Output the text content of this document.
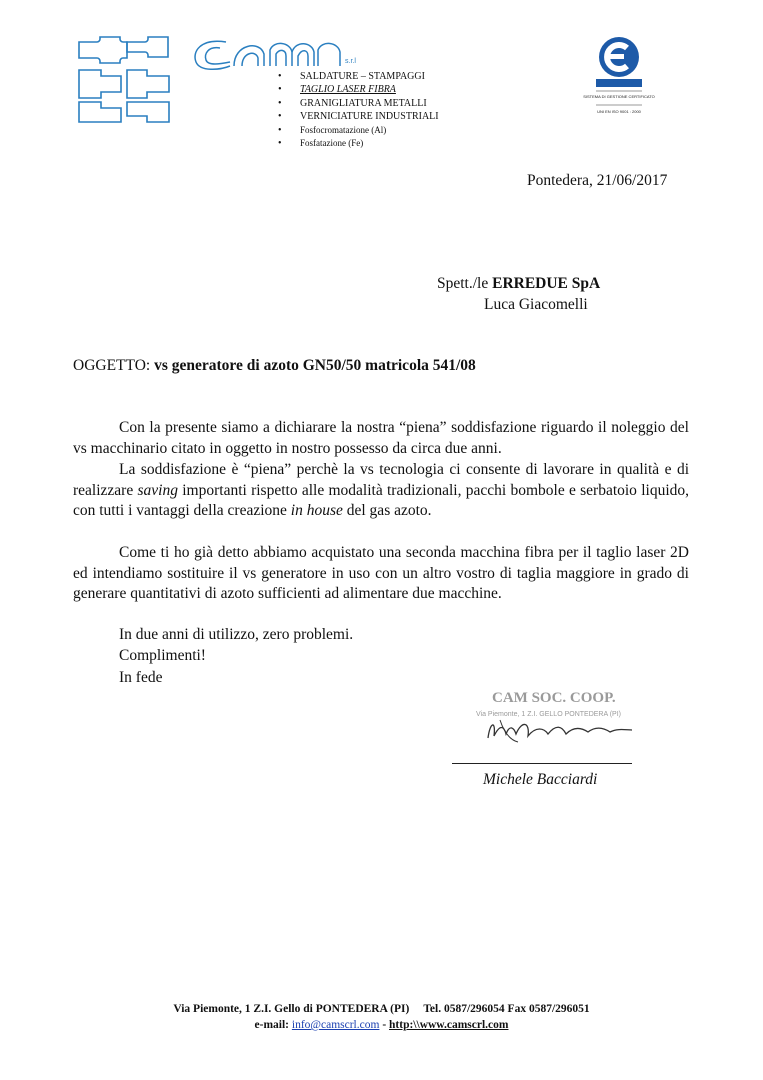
s.r.l
• SALDATURE – STAMPAGGI
• TAGLIO LASER FIBRA
• GRANIGLIATURA METALLI
• VERNICIATURE INDUSTRIALI
• Fosfocromatazione (Al)
• Fosfatazione (Fe)
CERMET
SISTEMA DI GESTIONE CERTIFICATO
UNI EN ISO 9001 : 2000
Pontedera, 21/06/2017
Spett./le ERREDUE SpA
Luca Giacomelli
OGGETTO: vs generatore di azoto GN50/50 matricola 541/08
Con la presente siamo a dichiarare la nostra “piena” soddisfazione riguardo il noleggio del vs macchinario citato in oggetto in nostro possesso da circa due anni.
La soddisfazione è “piena” perchè la vs tecnologia ci consente di lavorare in qualità e di realizzare saving importanti rispetto alle modalità tradizionali, pacchi bombole e serbatoio liquido, con tutti i vantaggi della creazione in house del gas azoto.
Come ti ho già detto abbiamo acquistato una seconda macchina fibra per il taglio laser 2D ed intendiamo sostituire il vs generatore in uso con un altro vostro di taglia maggiore in grado di generare quantitativi di azoto sufficienti ad alimentare due macchine.
In due anni di utilizzo, zero problemi.
Complimenti!
In fede
CAM SOC. COOP.
Via Piemonte, 1 Z.I. GELLO PONTEDERA (PI)
Michele Bacciardi
Via Piemonte, 1 Z.I. Gello di PONTEDERA (PI) Tel. 0587/296054 Fax 0587/296051
e-mail: info@camscrl.com - http:\\www.camscrl.com
